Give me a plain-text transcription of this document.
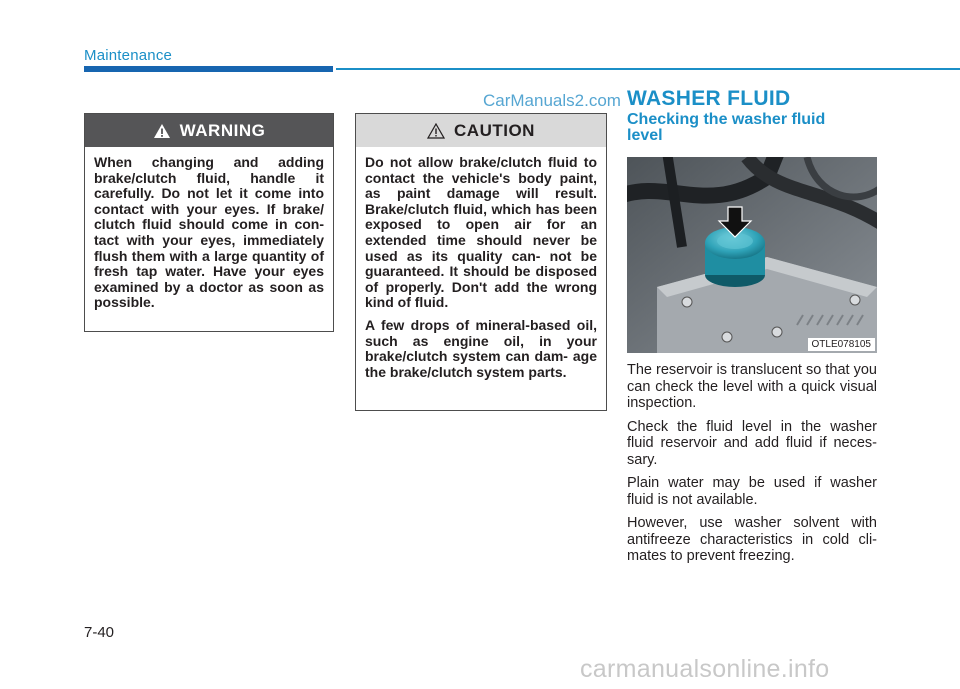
Maintenance
CarManuals2.com
WARNING

When changing and adding brake/clutch fluid, handle it carefully. Do not let it come into contact with your eyes. If brake/ clutch fluid should come in con- tact with your eyes, immediately flush them with a large quantity of fresh tap water. Have your eyes examined by a doctor as soon as possible.

CAUTION

Do not allow brake/clutch fluid to contact the vehicle's body paint, as paint damage will result. Brake/clutch fluid, which has been exposed to open air for an extended time should never be used as its quality can- not be guaranteed. It should be disposed of properly. Don't add the wrong kind of fluid.

A few drops of mineral-based oil, such as engine oil, in your brake/clutch system can dam- age the brake/clutch system parts.

WASHER FLUID
Checking the washer fluid level
OTLE078105

The reservoir is translucent so that you can check the level with a quick visual inspection.

Check the fluid level in the washer fluid reservoir and add fluid if neces- sary.

Plain water may be used if washer fluid is not available.

However, use washer solvent with antifreeze characteristics in cold cli- mates to prevent freezing.

7-40
carmanualsonline.info
